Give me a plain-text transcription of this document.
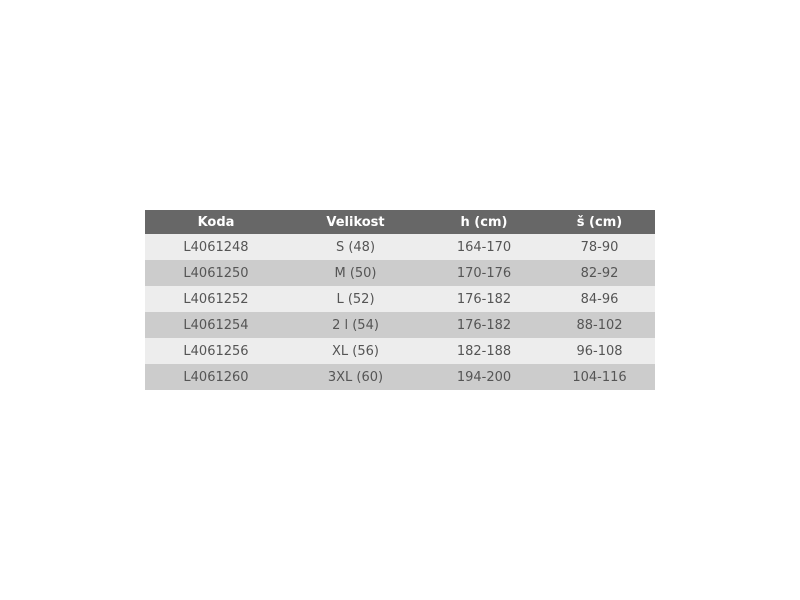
Koda	Velikost	h (cm)	š (cm)
L4061248	S (48)	164-170	78-90
L4061250	M (50)	170-176	82-92
L4061252	L (52)	176-182	84-96
L4061254	2 l (54)	176-182	88-102
L4061256	XL (56)	182-188	96-108
L4061260	3XL (60)	194-200	104-116
